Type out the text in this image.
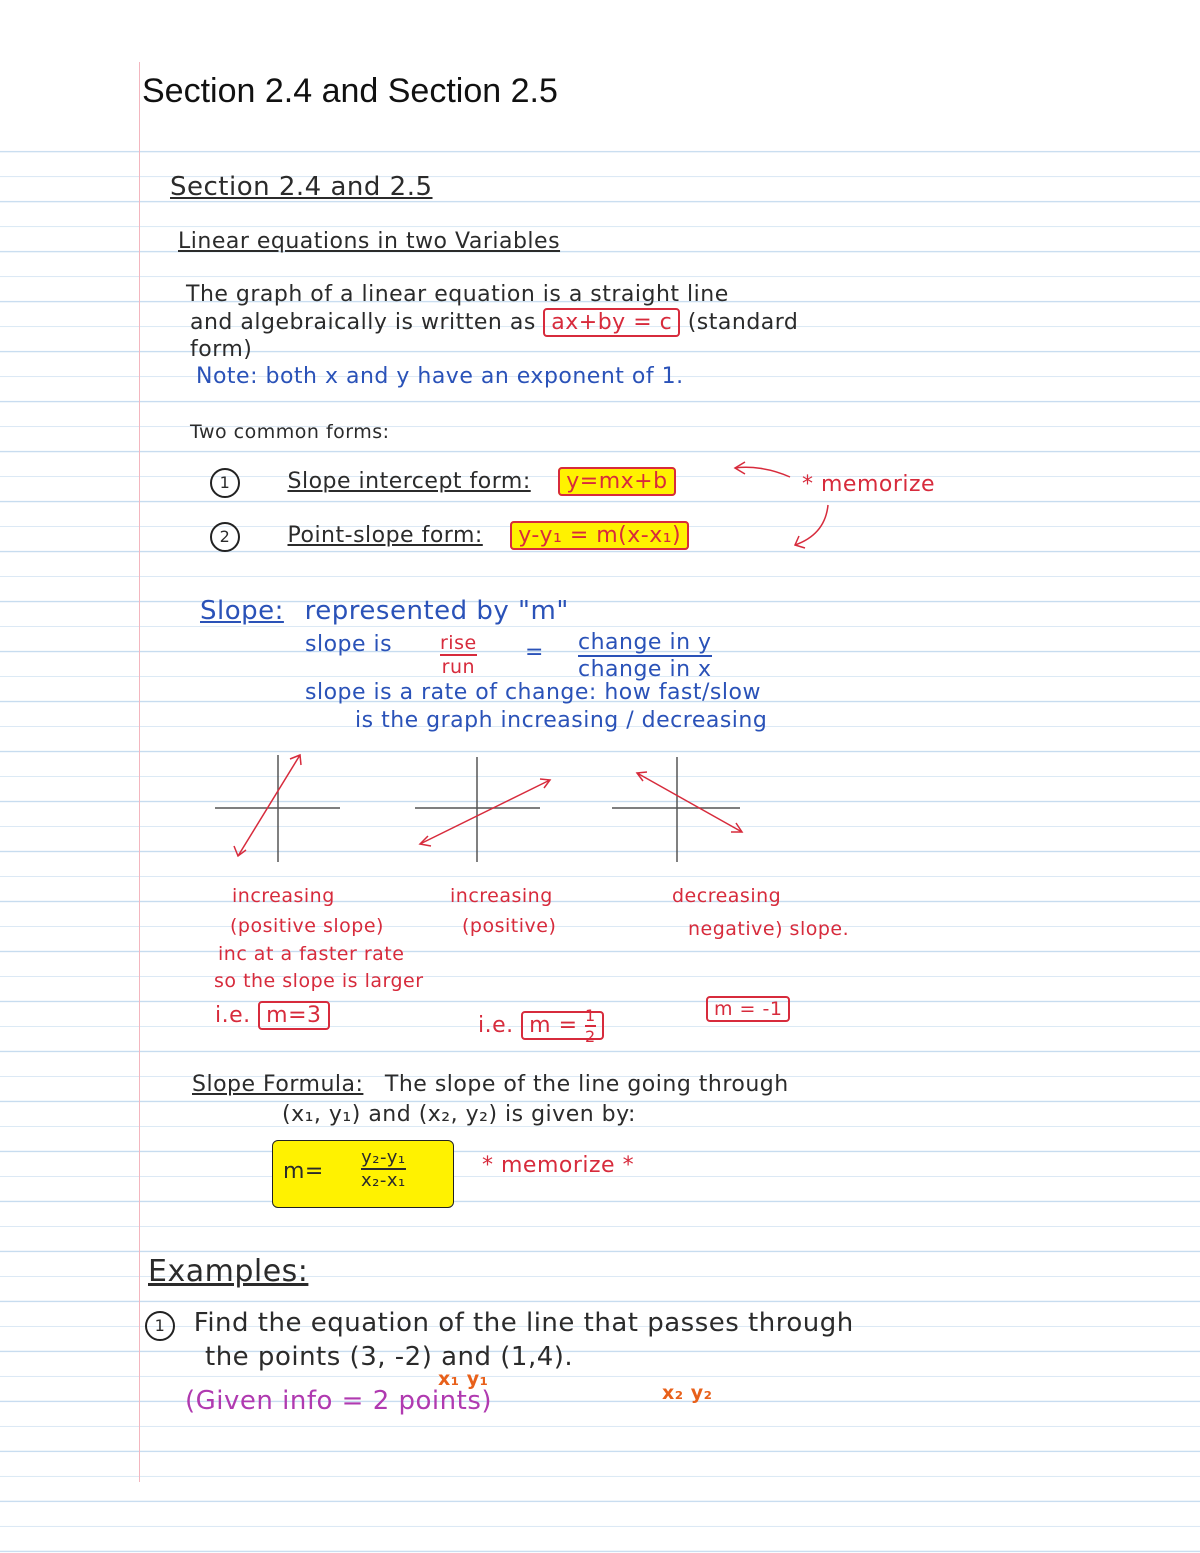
Section 2.4 and Section 2.5
Section 2.4 and 2.5
Linear equations in two Variables
The graph of a linear equation is a straight line
and algebraically is written as ax+by = c (standard
form)
Note: both x and y have an exponent of 1.
Two common forms:
1	Slope intercept form: y=mx+b	* memorize
2	Point-slope form: y-y₁ = m(x-x₁)
Slope: represented by "m"
slope is	$\frac{\text{rise}}{\text{run}} = \frac{\text{change in y}}{\text{change in x}}$
slope is a rate of change: how fast/slow
is the graph increasing / decreasing
increasing
(positive slope)
inc at a faster rate
so the slope is larger
i.e. m=3
increasing
(positive)
i.e. $m = \frac{1}{2}$
decreasing
negative) slope.
m = -1
Slope Formula: The slope of the line going through
(x₁, y₁) and (x₂, y₂) is given by:
$m= \frac{\text{y₂-y₁}}{\text{x₂-x₁}}$	* memorize *
Examples:
1 Find the equation of the line that passes through
the points (3, -2) and (1,4).
(Given info = 2 points)
x₁ y₁
x₂ y₂
